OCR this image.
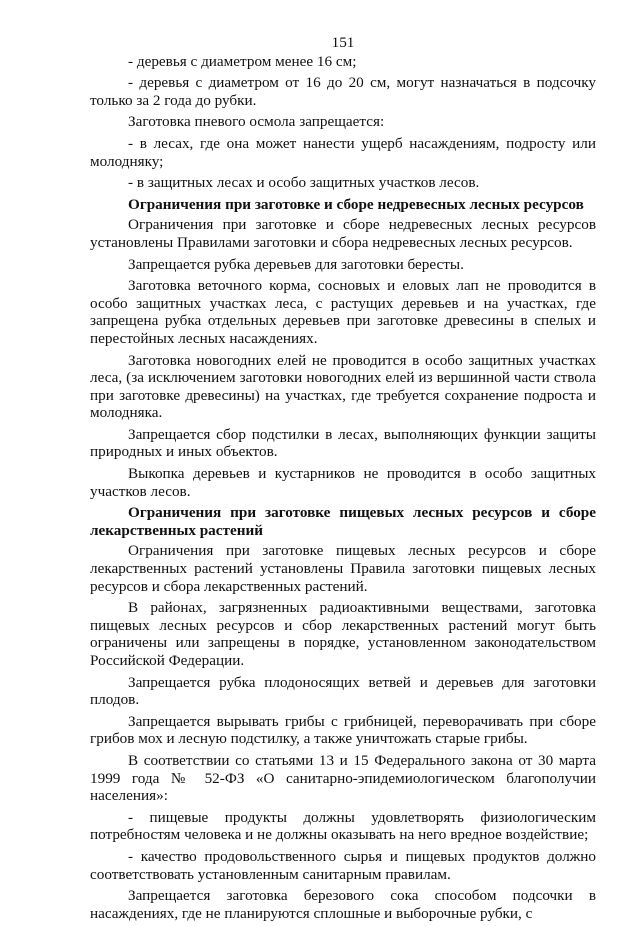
151
- деревья с диаметром менее 16 см;
- деревья с диаметром от 16 до 20 см, могут назначаться в подсочку только за 2 года до рубки.
Заготовка пневого осмола запрещается:
- в лесах, где она может нанести ущерб насаждениям, подросту или молодняку;
- в защитных лесах и особо защитных участков лесов.
Ограничения при заготовке и сборе недревесных лесных ресурсов
Ограничения при заготовке и сборе недревесных лесных ресурсов установлены Правилами заготовки и сбора недревесных лесных ресурсов.
Запрещается рубка деревьев для заготовки бересты.
Заготовка веточного корма, сосновых и еловых лап не проводится в особо защитных участках леса, с растущих деревьев и на участках, где запрещена рубка отдельных деревьев при заготовке древесины в спелых и перестойных лесных насаждениях.
Заготовка новогодних елей не проводится в особо защитных участках леса, (за исключением заготовки новогодних елей из вершинной части ствола при заготовке древесины) на участках, где требуется сохранение подроста и молодняка.
Запрещается сбор подстилки в лесах, выполняющих функции защиты природных и иных объектов.
Выкопка деревьев и кустарников не проводится в особо защитных участков лесов.
Ограничения при заготовке пищевых лесных ресурсов и сборе лекарственных растений
Ограничения при заготовке пищевых лесных ресурсов и сборе лекарственных растений установлены Правила заготовки пищевых лесных ресурсов и сбора лекарственных растений.
В районах, загрязненных радиоактивными веществами, заготовка пищевых лесных ресурсов и сбор лекарственных растений могут быть ограничены или запрещены в порядке, установленном законодательством Российской Федерации.
Запрещается рубка плодоносящих ветвей и деревьев для заготовки плодов.
Запрещается вырывать грибы с грибницей, переворачивать при сборе грибов мох и лесную подстилку, а также уничтожать старые грибы.
В соответствии со статьями 13 и 15 Федерального закона от 30 марта 1999 года № 52-ФЗ «О санитарно-эпидемиологическом благополучии населения»:
- пищевые продукты должны удовлетворять физиологическим потребностям человека и не должны оказывать на него вредное воздействие;
- качество продовольственного сырья и пищевых продуктов должно соответствовать установленным санитарным правилам.
Запрещается заготовка березового сока способом подсочки в насаждениях, где не планируются сплошные и выборочные рубки, с
